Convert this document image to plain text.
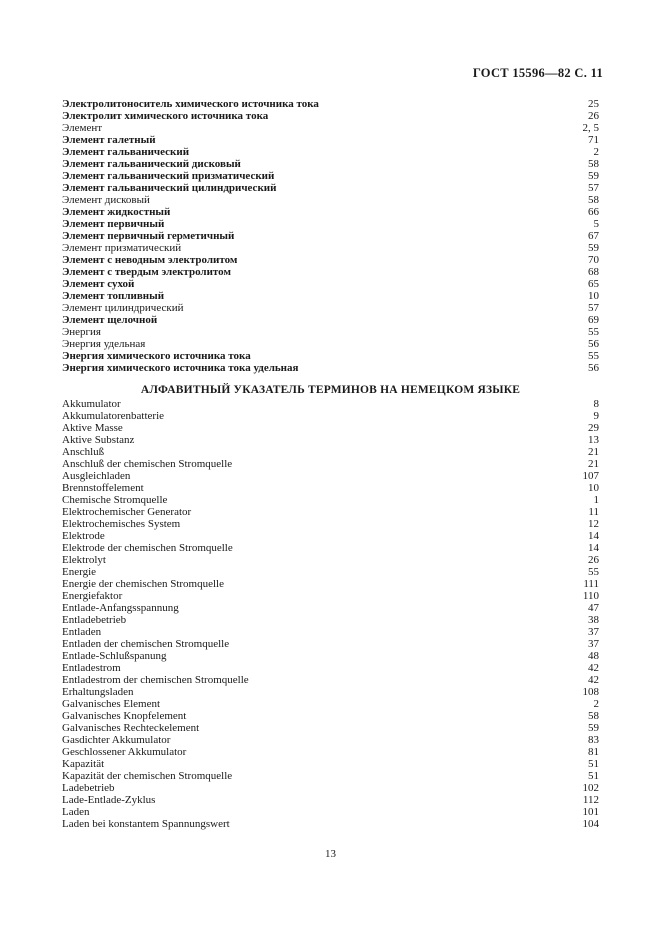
ГОСТ 15596—82 С. 11
Электролитоноситель химического источника тока	25
Электролит химического источника тока	26
Элемент	2, 5
Элемент галетный	71
Элемент гальванический	2
Элемент гальванический дисковый	58
Элемент гальванический призматический	59
Элемент гальванический цилиндрический	57
Элемент дисковый	58
Элемент жидкостный	66
Элемент первичный	5
Элемент первичный герметичный	67
Элемент призматический	59
Элемент с неводным электролитом	70
Элемент с твердым электролитом	68
Элемент сухой	65
Элемент топливный	10
Элемент цилиндрический	57
Элемент щелочной	69
Энергия	55
Энергия удельная	56
Энергия химического источника тока	55
Энергия химического источника тока удельная	56
АЛФАВИТНЫЙ УКАЗАТЕЛЬ ТЕРМИНОВ НА НЕМЕЦКОМ ЯЗЫКЕ
Akkumulator	8
Akkumulatorenbatterie	9
Aktive Masse	29
Aktive Substanz	13
Anschluß	21
Anschluß der chemischen Stromquelle	21
Ausgleichladen	107
Brennstoffelement	10
Chemische Stromquelle	1
Elektrochemischer Generator	11
Elektrochemisches System	12
Elektrode	14
Elektrode der chemischen Stromquelle	14
Elektrolyt	26
Energie	55
Energie der chemischen Stromquelle	111
Energiefaktor	110
Entlade-Anfangsspannung	47
Entladebetrieb	38
Entladen	37
Entladen der chemischen Stromquelle	37
Entlade-Schlußspanung	48
Entladestrom	42
Entladestrom der chemischen Stromquelle	42
Erhaltungsladen	108
Galvanisches Element	2
Galvanisches Knopfelement	58
Galvanisches Rechteckelement	59
Gasdichter Akkumulator	83
Geschlossener Akkumulator	81
Kapazität	51
Kapazität der chemischen Stromquelle	51
Ladebetrieb	102
Lade-Entlade-Zyklus	112
Laden	101
Laden bei konstantem Spannungswert	104
13
